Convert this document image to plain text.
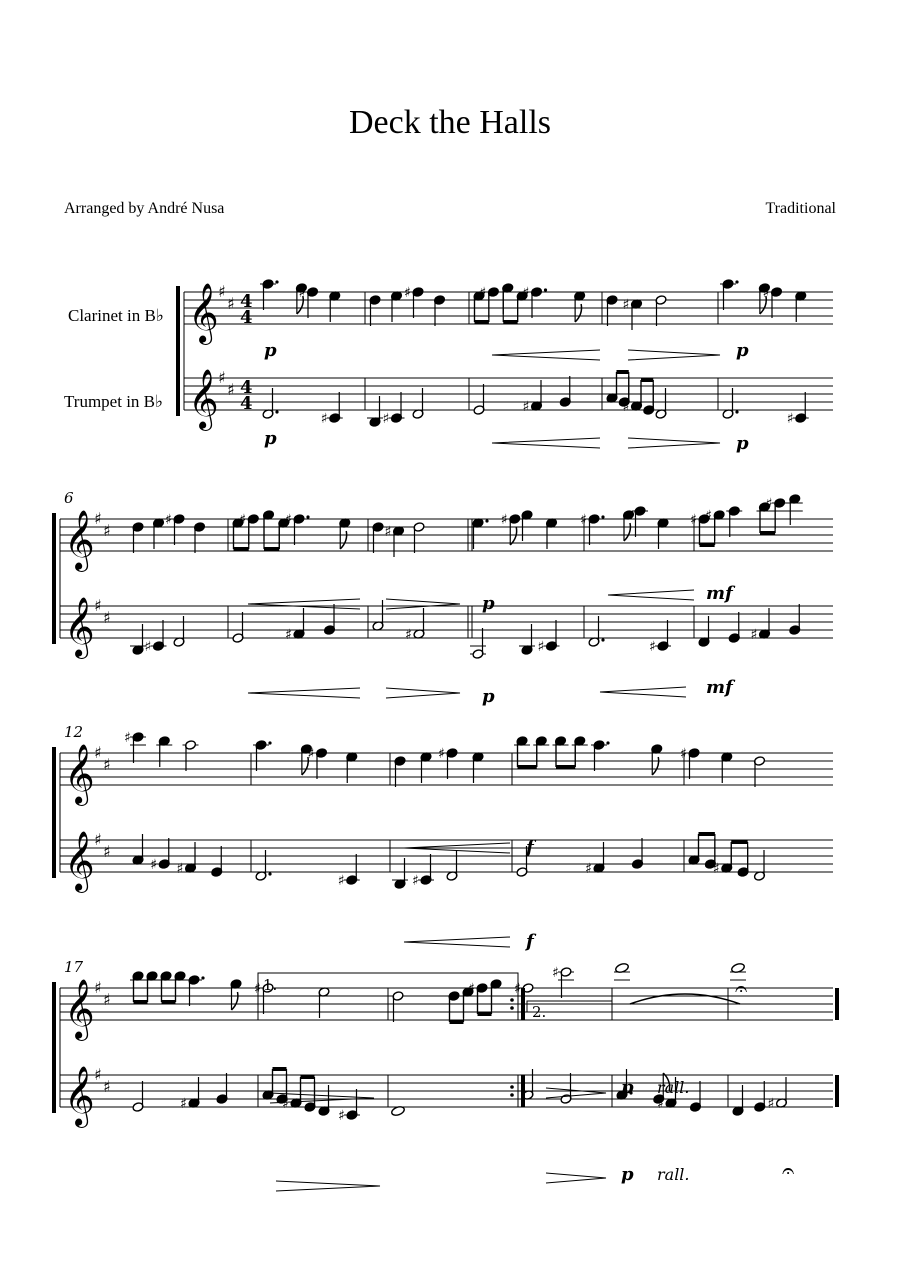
Deck the Halls
Arranged by André Nusa	Traditional
Clarinet in B♭
Trumpet in B♭
𝄞
𝄞
♯
♯
♯
♯
4
4
4
4
♯
♯
♯
♯
♯	♯
♯
♯
♯
♯
♯
𝄞
𝄞
♯
♯
♯
♯
6
♯
♯
♯	♯
♯
♯
♯
♯
♯
♯
♯
♯ ♯
♯
♯
𝄞
𝄞
♯
♯
♯
♯
12	♯
♯ ♯
♯
♯
♯
♯
♯
♯
♯
𝄞
𝄞
♯
♯
♯
♯
17
♯
♯
♯
♯
♯	♯
♯
♯	♯
p
p
p
p
p
p
mf
mf
f
f
p
p
rall.
rall.
1.
2.
𝄐
𝄐
